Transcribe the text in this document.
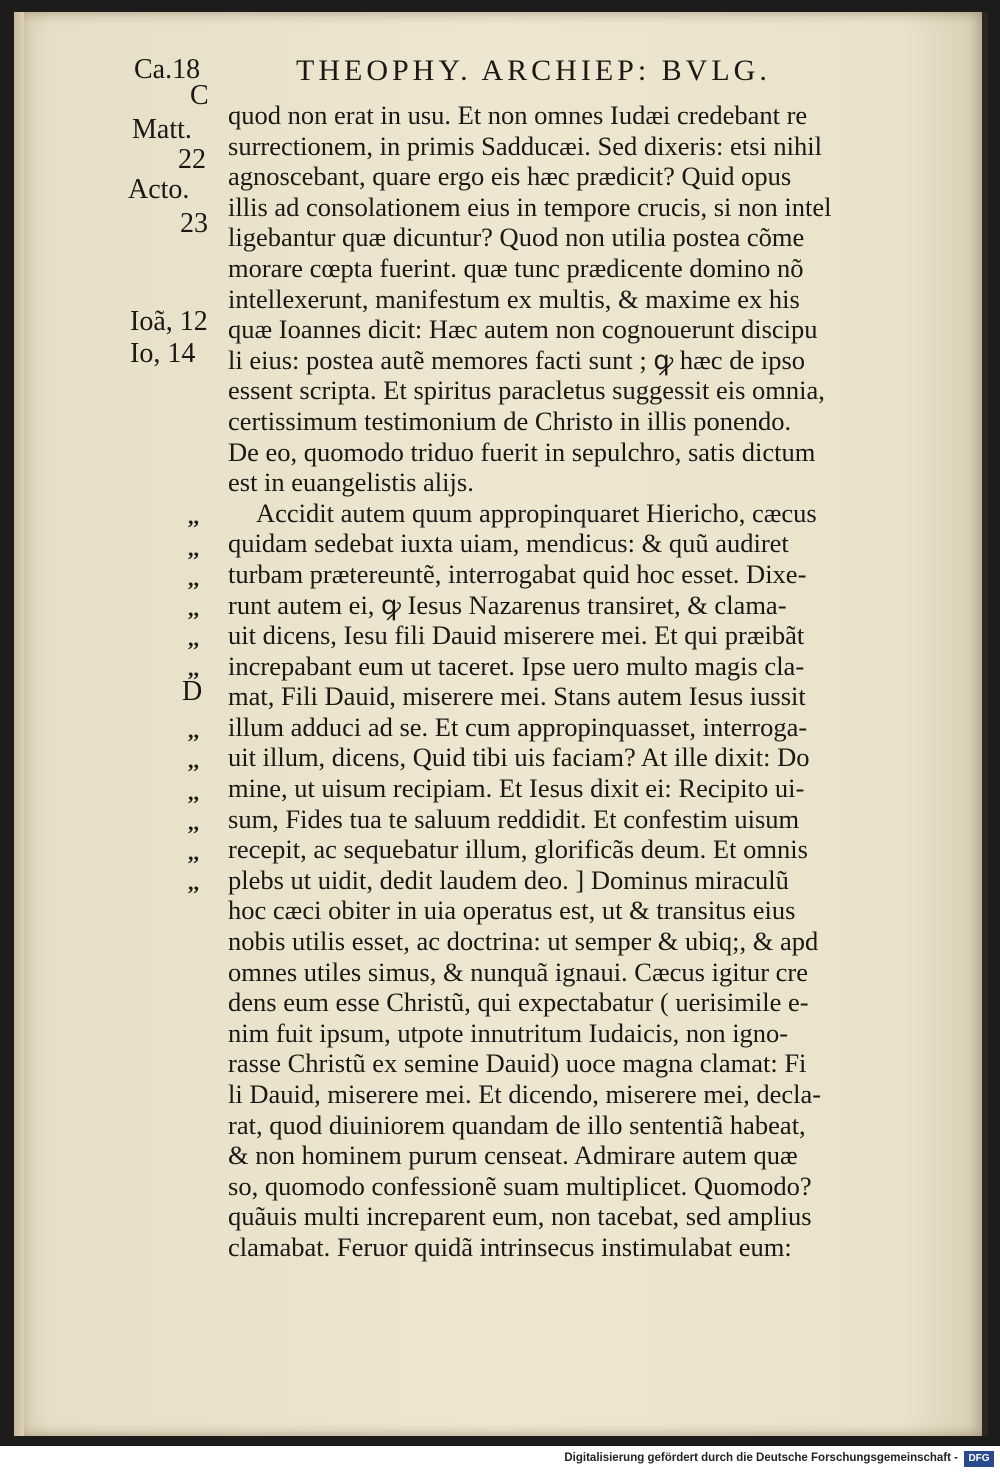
Ca.18	THEOPHY. ARCHIEP: BVLG.
C
Matt.
22
Acto.
23
Ioã, 12
Io, 14
D
,,
,,
,,
,,
,,
,,
,,
,,
,,
,,
,,
,,
quod non erat in usu. Et non omnes Iudæi credebant re
surrectionem, in primis Sadducæi. Sed dixeris: etsi nihil
agnoscebant, quare ergo eis hæc prædicit? Quid opus
illis ad consolationem eius in tempore crucis, si non intel
ligebantur quæ dicuntur? Quod non utilia postea cõme
morare cœpta fuerint. quæ tunc prædicente domino nõ
intellexerunt, manifestum ex multis, & maxime ex his
quæ Ioannes dicit: Hæc autem non cognouerunt discipu
li eius: postea autẽ memores facti sunt ; ꝙ hæc de ipso
essent scripta. Et spiritus paracletus suggessit eis omnia,
certissimum testimonium de Christo in illis ponendo.
De eo, quomodo triduo fuerit in sepulchro, satis dictum
est in euangelistis alijs.
Accidit autem quum appropinquaret Hiericho, cæcus
quidam sedebat iuxta uiam, mendicus: & quũ audiret
turbam prætereuntẽ, interrogabat quid hoc esset. Dixe-
runt autem ei, ꝙ Iesus Nazarenus transiret, & clama-
uit dicens, Iesu fili Dauid miserere mei. Et qui præibãt
increpabant eum ut taceret. Ipse uero multo magis cla-
mat, Fili Dauid, miserere mei. Stans autem Iesus iussit
illum adduci ad se. Et cum appropinquasset, interroga-
uit illum, dicens, Quid tibi uis faciam? At ille dixit: Do
mine, ut uisum recipiam. Et Iesus dixit ei: Recipito ui-
sum, Fides tua te saluum reddidit. Et confestim uisum
recepit, ac sequebatur illum, glorificãs deum. Et omnis
plebs ut uidit, dedit laudem deo. ] Dominus miraculũ
hoc cæci obiter in uia operatus est, ut & transitus eius
nobis utilis esset, ac doctrina: ut semper & ubiq;, & apd
omnes utiles simus, & nunquã ignaui. Cæcus igitur cre
dens eum esse Christũ, qui expectabatur ( uerisimile e-
nim fuit ipsum, utpote innutritum Iudaicis, non igno-
rasse Christũ ex semine Dauid) uoce magna clamat: Fi
li Dauid, miserere mei. Et dicendo, miserere mei, decla-
rat, quod diuiniorem quandam de illo sententiã habeat,
& non hominem purum censeat. Admirare autem quæ
so, quomodo confessionẽ suam multiplicet. Quomodo?
quãuis multi increparent eum, non tacebat, sed amplius
clamabat. Feruor quidã intrinsecus instimulabat eum:
Digitalisierung gefördert durch die Deutsche Forschungsgemeinschaft -	DFG
